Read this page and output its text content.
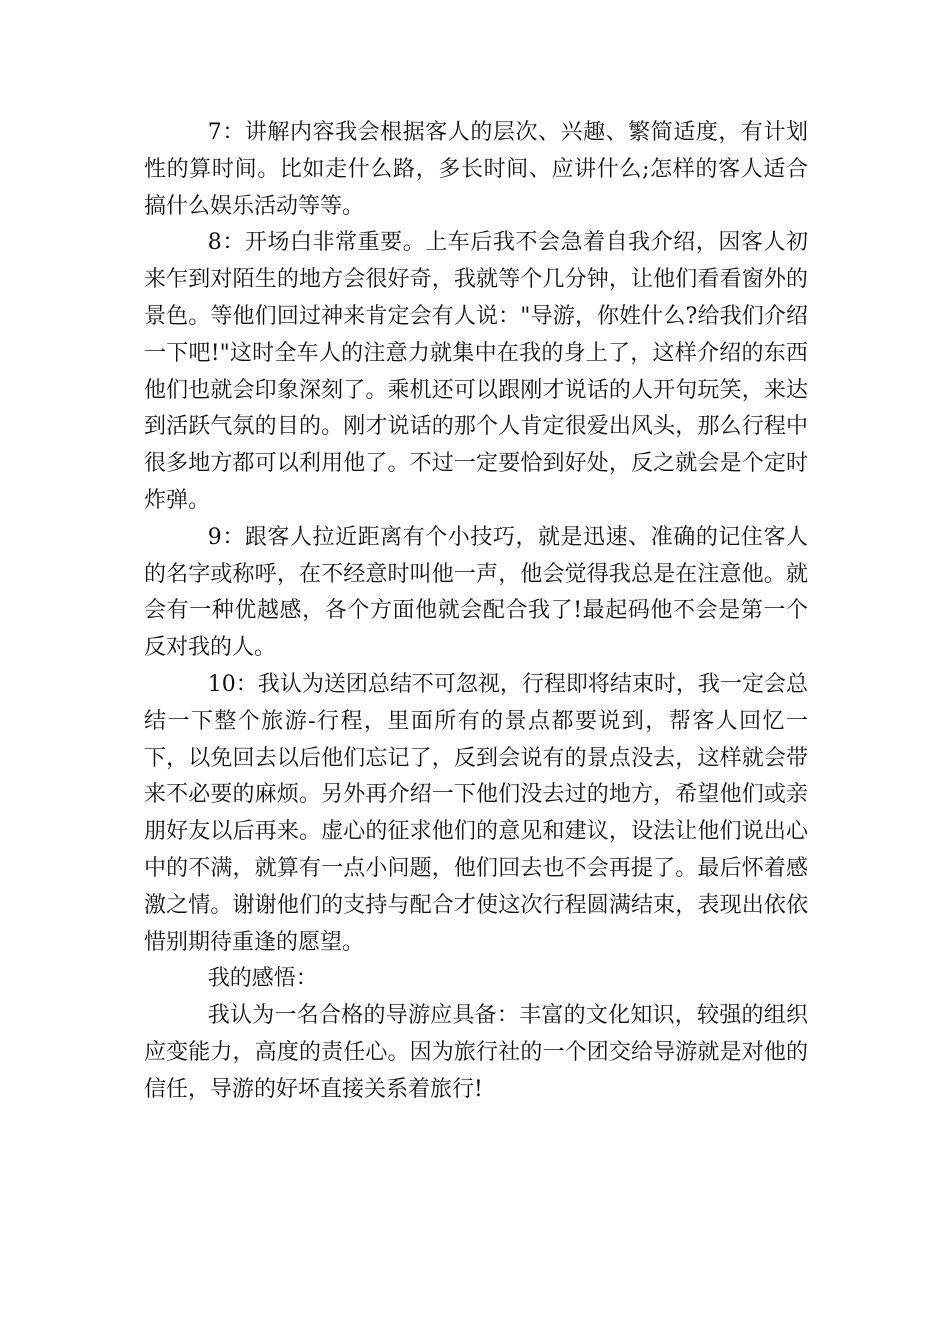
7：讲解内容我会根据客人的层次、兴趣、繁简适度，有计划性的算时间。比如走什么路，多长时间、应讲什么;怎样的客人适合搞什么娱乐活动等等。

8：开场白非常重要。上车后我不会急着自我介绍，因客人初来乍到对陌生的地方会很好奇，我就等个几分钟，让他们看看窗外的景色。等他们回过神来肯定会有人说："导游，你姓什么?给我们介绍一下吧!"这时全车人的注意力就集中在我的身上了，这样介绍的东西他们也就会印象深刻了。乘机还可以跟刚才说话的人开句玩笑，来达到活跃气氛的目的。刚才说话的那个人肯定很爱出风头，那么行程中很多地方都可以利用他了。不过一定要恰到好处，反之就会是个定时炸弹。

9：跟客人拉近距离有个小技巧，就是迅速、准确的记住客人的名字或称呼，在不经意时叫他一声，他会觉得我总是在注意他。就会有一种优越感，各个方面他就会配合我了!最起码他不会是第一个反对我的人。

10：我认为送团总结不可忽视，行程即将结束时，我一定会总结一下整个旅游-行程，里面所有的景点都要说到，帮客人回忆一下，以免回去以后他们忘记了，反到会说有的景点没去，这样就会带来不必要的麻烦。另外再介绍一下他们没去过的地方，希望他们或亲朋好友以后再来。虚心的征求他们的意见和建议，设法让他们说出心中的不满，就算有一点小问题，他们回去也不会再提了。最后怀着感激之情。谢谢他们的支持与配合才使这次行程圆满结束，表现出依依惜别期待重逢的愿望。

我的感悟：

我认为一名合格的导游应具备：丰富的文化知识，较强的组织应变能力，高度的责任心。因为旅行社的一个团交给导游就是对他的信任，导游的好坏直接关系着旅行!
